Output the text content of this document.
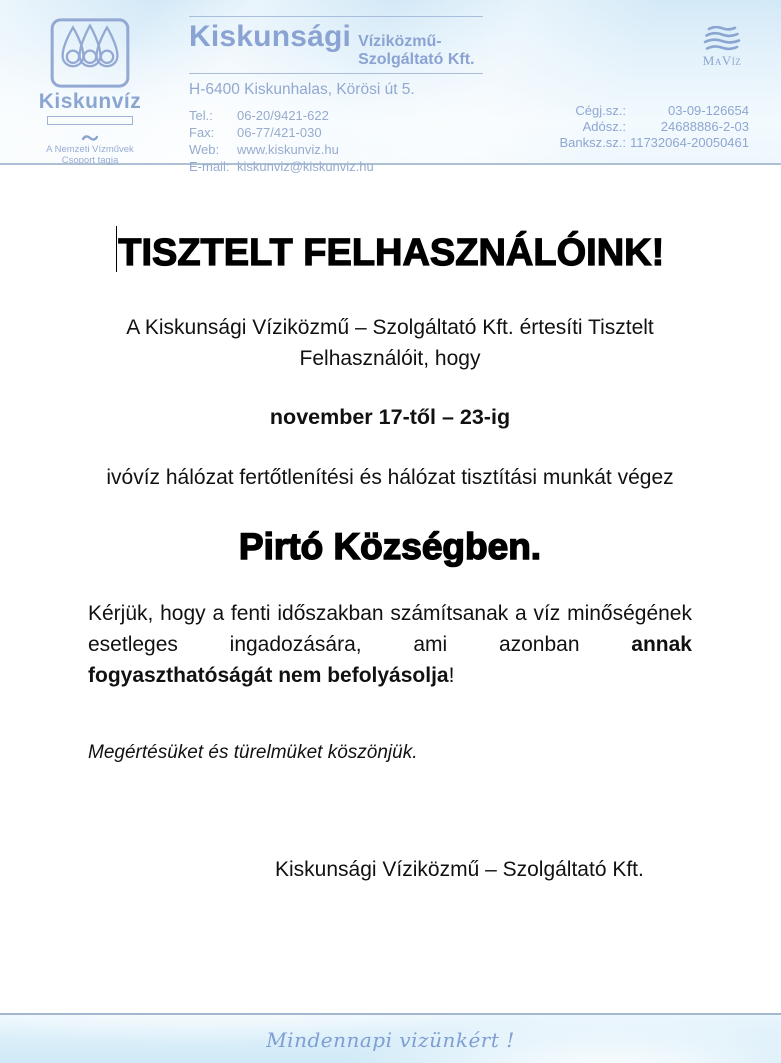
Kiskunvíz
A Nemzeti Vízművek
Csoport tagja
Kiskunsági Víziközmű-Szolgáltató Kft.
H-6400 Kiskunhalas, Körösi út 5.
Tel.:	06-20/9421-622
Fax:	06-77/421-030
Web:	www.kiskunviz.hu
E-mail:	kiskunviz@kiskunviz.hu
MaVíz
Cégj.sz.:	03-09-126654
Adósz.:	24688886-2-03
Banksz.sz.:	11732064-20050461
TISZTELT FELHASZNÁLÓINK!

A Kiskunsági Víziközmű – Szolgáltató Kft. értesíti Tisztelt Felhasználóit, hogy

november 17-től – 23-ig

ivóvíz hálózat fertőtlenítési és hálózat tisztítási munkát végez

Pirtó Községben.
Kérjük, hogy a fenti időszakban számítsanak a víz minőségének
esetleges ingadozására, ami azonban annak
fogyaszthatóságát nem befolyásolja!

Megértésüket és türelmüket köszönjük.

Kiskunsági Víziközmű – Szolgáltató Kft.

Mindennapi vizünkért !
